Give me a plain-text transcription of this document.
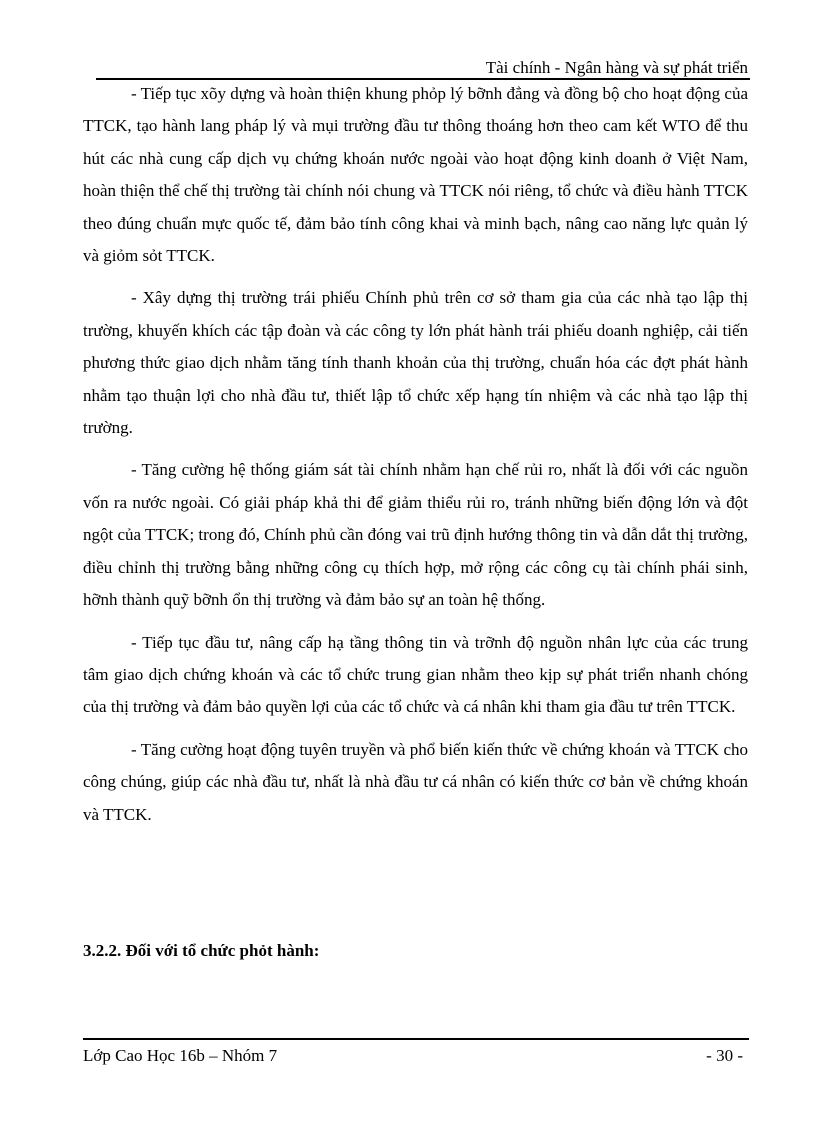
Tài chính - Ngân hàng và sự phát triển

- Tiếp tục xõy dựng và hoàn thiện khung phỏp lý bỡnh đẳng và đồng bộ cho hoạt động của TTCK, tạo hành lang pháp lý và mụi trường đầu tư thông thoáng hơn theo cam kết WTO để thu hút các nhà cung cấp dịch vụ chứng khoán nước ngoài vào hoạt động kinh doanh ở Việt Nam, hoàn thiện thể chế thị trường tài chính nói chung và TTCK nói riêng, tổ chức và điều hành TTCK theo đúng chuẩn mực quốc tế, đảm bảo tính công khai và minh bạch, nâng cao năng lực quản lý và giỏm sỏt TTCK.

- Xây dựng thị trường trái phiếu Chính phủ trên cơ sở tham gia của các nhà tạo lập thị trường, khuyến khích các tập đoàn và các công ty lớn phát hành trái phiếu doanh nghiệp, cải tiến phương thức giao dịch nhằm tăng tính thanh khoản của thị trường, chuẩn hóa các đợt phát hành nhằm tạo thuận lợi cho nhà đầu tư, thiết lập tổ chức xếp hạng tín nhiệm và các nhà tạo lập thị trường.

- Tăng cường hệ thống giám sát tài chính nhằm hạn chế rủi ro, nhất là đối với các nguồn vốn ra nước ngoài. Có giải pháp khả thi để giảm thiểu rủi ro, tránh những biến động lớn và đột ngột của TTCK; trong đó, Chính phủ cần đóng vai trũ định hướng thông tin và dẫn dắt thị trường, điều chỉnh thị trường bằng những công cụ thích hợp, mở rộng các công cụ tài chính phái sinh, hỡnh thành quỹ bỡnh ổn thị trường và đảm bảo sự an toàn hệ thống.

- Tiếp tục đầu tư, nâng cấp hạ tầng thông tin và trỡnh độ nguồn nhân lực của các trung tâm giao dịch chứng khoán và các tổ chức trung gian nhằm theo kịp sự phát triển nhanh chóng của thị trường và đảm bảo quyền lợi của các tổ chức và cá nhân khi tham gia đầu tư trên TTCK.

- Tăng cường hoạt động tuyên truyền và phổ biến kiến thức về chứng khoán và TTCK cho công chúng, giúp các nhà đầu tư, nhất là nhà đầu tư cá nhân có kiến thức cơ bản về chứng khoán và TTCK.

3.2.2. Đối với tổ chức phỏt hành:
Lớp Cao Học 16b – Nhóm 7	- 30 -
